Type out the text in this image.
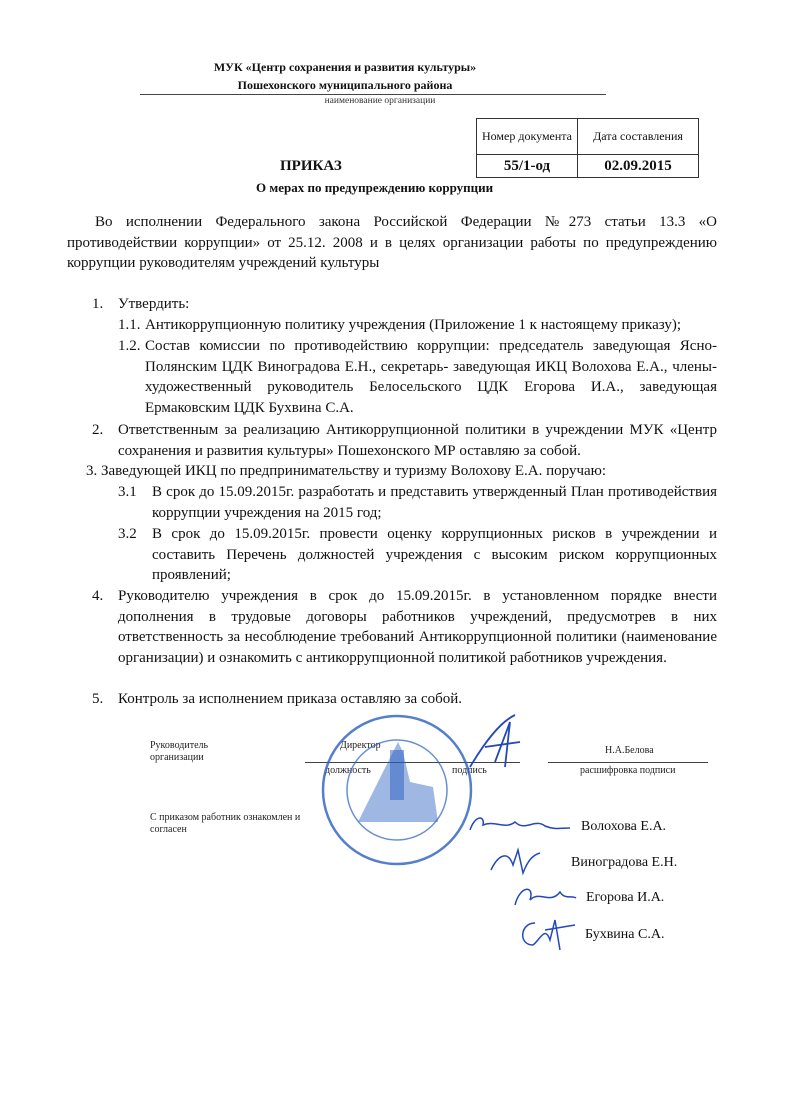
МУК «Центр сохранения и развития культуры»
Пошехонского муниципального района
наименование организации
Номер документа	Дата составления
55/1-од	02.09.2015
ПРИКАЗ
О мерах по предупреждению коррупции
Во исполнении Федерального закона Российской Федерации №273 статьи 13.3 «О противодействии коррупции» от 25.12. 2008 и в целях организации работы по предупреждению коррупции руководителям учреждений культуры
1. Утвердить:
1.1. Антикоррупционную политику учреждения (Приложение 1 к настоящему приказу);
1.2. Состав комиссии по противодействию коррупции: председатель заведующая Ясно-Полянским ЦДК Виноградова Е.Н., секретарь- заведующая ИКЦ Волохова Е.А., члены- художественный руководитель Белосельского ЦДК Егорова И.А., заведующая Ермаковским ЦДК Бухвина С.А.
2. Ответственным за реализацию Антикоррупционной политики в учреждении МУК «Центр сохранения и развития культуры» Пошехонского МР оставляю за собой.
3. Заведующей ИКЦ по предпринимательству и туризму Волохову Е.А. поручаю:
3.1 В срок до 15.09.2015г. разработать и представить утвержденный План противодействия коррупции учреждения на 2015 год;
3.2 В срок до 15.09.2015г. провести оценку коррупционных рисков в учреждении и составить Перечень должностей учреждения с высоким риском коррупционных проявлений;
4. Руководителю учреждения в срок до 15.09.2015г. в установленном порядке внести дополнения в трудовые договоры работников учреждений, предусмотрев в них ответственность за несоблюдение требований Антикоррупционной политики (наименование организации) и ознакомить с антикоррупционной политикой работников учреждения.
5. Контроль за исполнением приказа оставляю за собой.
Руководитель организации
Директор
должность	подпись
Н.А.Белова
расшифровка подписи
С приказом работник ознакомлен и согласен	Волохова Е.А.
Виноградова Е.Н.
Егорова И.А.
Бухвина С.А.
